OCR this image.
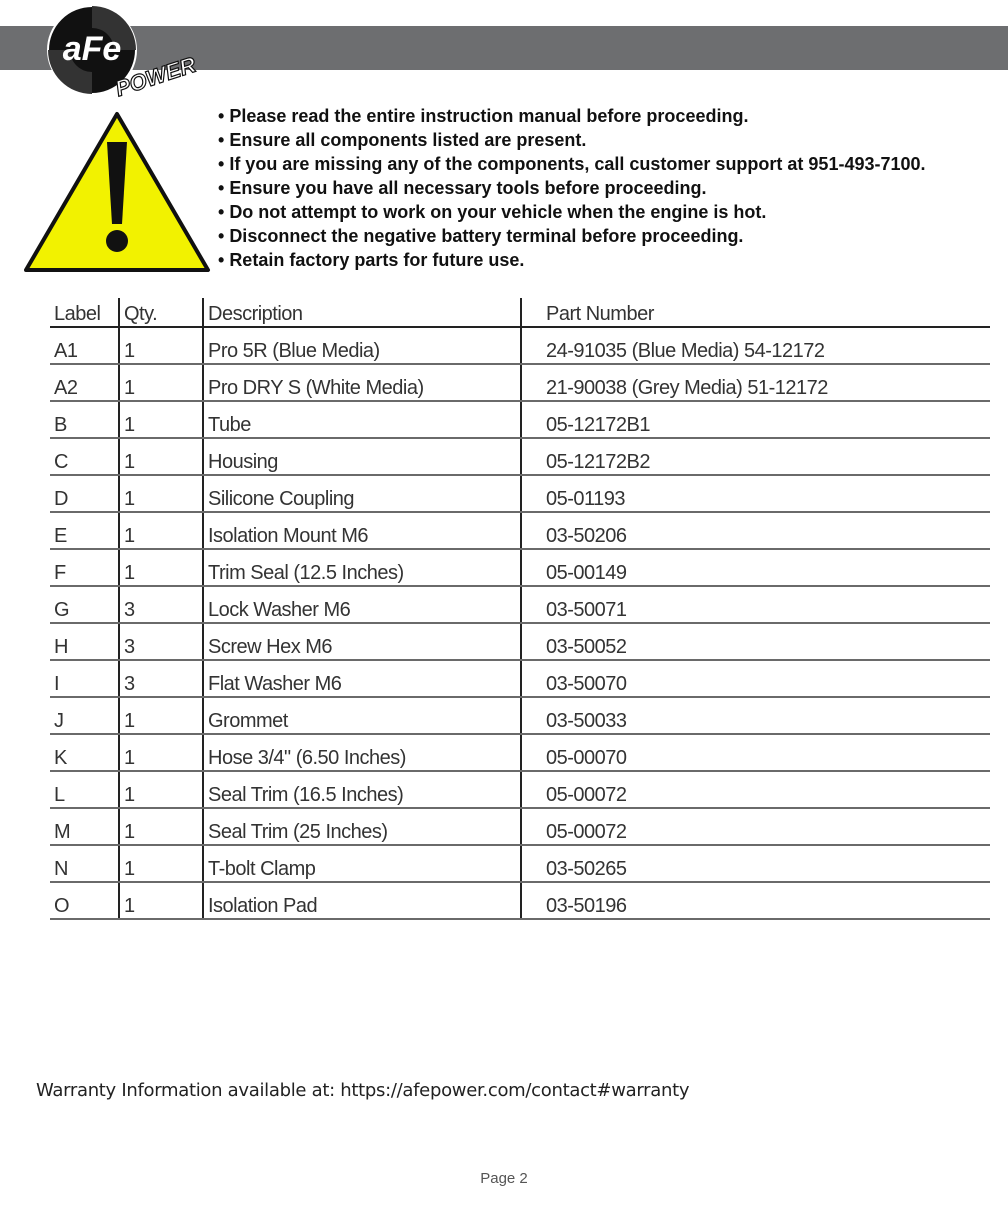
aFe
POWER
• Please read the entire instruction manual before proceeding.
• Ensure all components listed are present.
• If you are missing any of the components, call customer support at 951-493-7100.
• Ensure you have all necessary tools before proceeding.
• Do not attempt to work on your vehicle when the engine is hot.
• Disconnect the negative battery terminal before proceeding.
• Retain factory parts for future use.
Label	Qty.	Description	Part Number
A1	1	Pro 5R (Blue Media)	24-91035 (Blue Media) 54-12172
A2	1	Pro DRY S (White Media)	21-90038 (Grey Media) 51-12172
B	1	Tube	05-12172B1
C	1	Housing	05-12172B2
D	1	Silicone Coupling	05-01193
E	1	Isolation Mount M6	03-50206
F	1	Trim Seal (12.5 Inches)	05-00149
G	3	Lock Washer M6	03-50071
H	3	Screw Hex M6	03-50052
I	3	Flat Washer M6	03-50070
J	1	Grommet	03-50033
K	1	Hose 3/4" (6.50 Inches)	05-00070
L	1	Seal Trim (16.5 Inches)	05-00072
M	1	Seal Trim (25 Inches)	05-00072
N	1	T-bolt Clamp	03-50265
O	1	Isolation Pad	03-50196
Warranty Information available at: https://afepower.com/contact#warranty
Page 2
